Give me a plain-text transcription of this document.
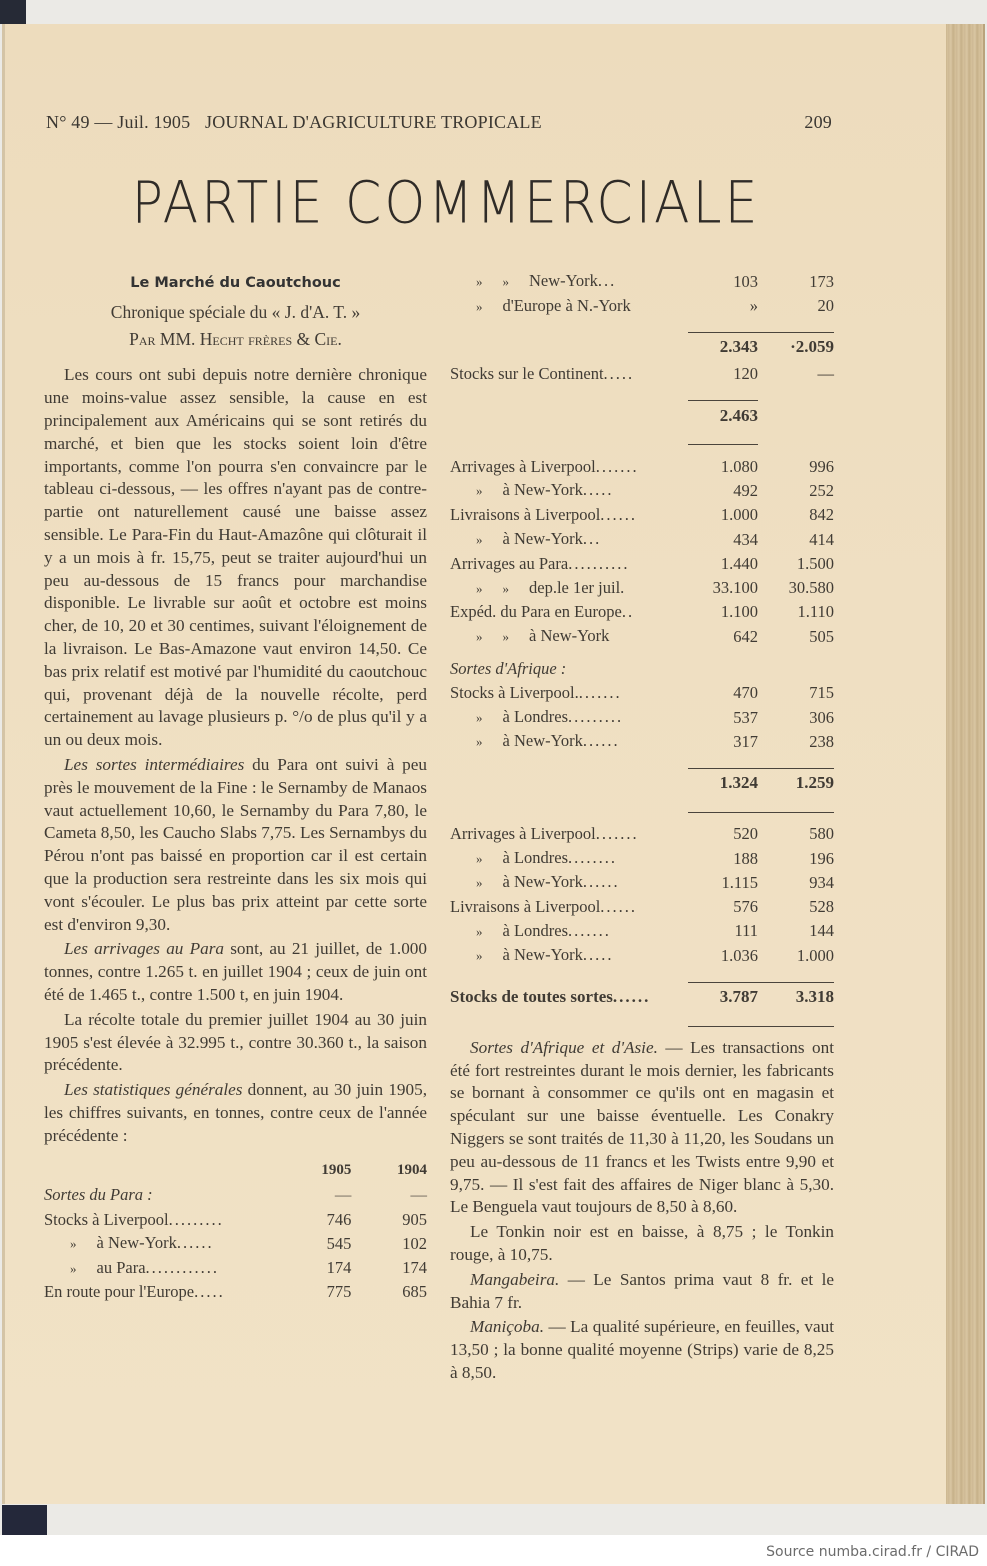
N° 49 — Juil. 1905 JOURNAL D'AGRICULTURE TROPICALE	209
PARTIE COMMERCIALE
Le Marché du Caoutchouc
Chronique spéciale du « J. d'A. T. »
Par MM. Hecht frères & Cie.

Les cours ont subi depuis notre dernière chronique une moins-value assez sensible, la cause en est principalement aux Américains qui se sont retirés du marché, et bien que les stocks soient loin d'être importants, comme l'on pourra s'en convaincre par le tableau ci-dessous, — les offres n'ayant pas de contre-partie ont naturellement causé une baisse assez sensible. Le Para-Fin du Haut-Amazône qui clôturait il y a un mois à fr. 15,75, peut se traiter aujourd'hui un peu au-dessous de 15 francs pour marchandise disponible. Le livrable sur août et octobre est moins cher, de 10, 20 et 30 centimes, suivant l'éloignement de la livraison. Le Bas-Amazone vaut environ 14,50. Ce bas prix relatif est motivé par l'humidité du caoutchouc qui, provenant déjà de la nouvelle récolte, perd certainement au lavage plusieurs p. °/o de plus qu'il y a un ou deux mois.

Les sortes intermédiaires du Para ont suivi à peu près le mouvement de la Fine : le Sernamby de Manaos vaut actuellement 10,60, le Sernamby du Para 7,80, le Cameta 8,50, les Caucho Slabs 7,75. Les Sernambys du Pérou n'ont pas baissé en proportion car il est certain que la production sera restreinte dans les six mois qui vont s'écouler. Le plus bas prix atteint par cette sorte est d'environ 9,30.

Les arrivages au Para sont, au 21 juillet, de 1.000 tonnes, contre 1.265 t. en juillet 1904 ; ceux de juin ont été de 1.465 t., contre 1.500 t, en juin 1904.

La récolte totale du premier juillet 1904 au 30 juin 1905 s'est élevée à 32.995 t., contre 30.360 t., la saison précédente.

Les statistiques générales donnent, au 30 juin 1905, les chiffres suivants, en tonnes, contre ceux de l'année précédente :

	1905	1904
Sortes du Para :	—	—
Stocks à Liverpool.........	746	905
» à New-York......	545	102
» au Para............	174	174
En route pour l'Europe.....	775	685
» » New-York...	103	173
» d'Europe à N.-York	»	20

	2.343	·2.059
Stocks sur le Continent.....	120	—

	2.463	

Arrivages à Liverpool.......	1.080	996
» à New-York.....	492	252
Livraisons à Liverpool......	1.000	842
» à New-York...	434	414
Arrivages au Para..........	1.440	1.500
» » dep.le 1er juil.	33.100	30.580
Expéd. du Para en Europe..	1.100	1.110
» » à New-York	642	505

Sortes d'Afrique :		
Stocks à Liverpool........	470	715
» à Londres.........	537	306
» à New-York......	317	238

	1.324	1.259

Arrivages à Liverpool.......	520	580
» à Londres........	188	196
» à New-York......	1.115	934
Livraisons à Liverpool......	576	528
» à Londres.......	111	144
» à New-York.....	1.036	1.000

Stocks de toutes sortes......	3.787	3.318

Sortes d'Afrique et d'Asie. — Les transactions ont été fort restreintes durant le mois dernier, les fabricants se bornant à consommer ce qu'ils ont en magasin et spéculant sur une baisse éventuelle. Les Conakry Niggers se sont traités de 11,30 à 11,20, les Soudans un peu au-dessous de 11 francs et les Twists entre 9,90 et 9,75. — Il s'est fait des affaires de Niger blanc à 5,30. Le Benguela vaut toujours de 8,50 à 8,60.

Le Tonkin noir est en baisse, à 8,75 ; le Tonkin rouge, à 10,75.

Mangabeira. — Le Santos prima vaut 8 fr. et le Bahia 7 fr.

Maniçoba. — La qualité supérieure, en feuilles, vaut 13,50 ; la bonne qualité moyenne (Strips) varie de 8,25 à 8,50.

Source numba.cirad.fr / CIRAD
